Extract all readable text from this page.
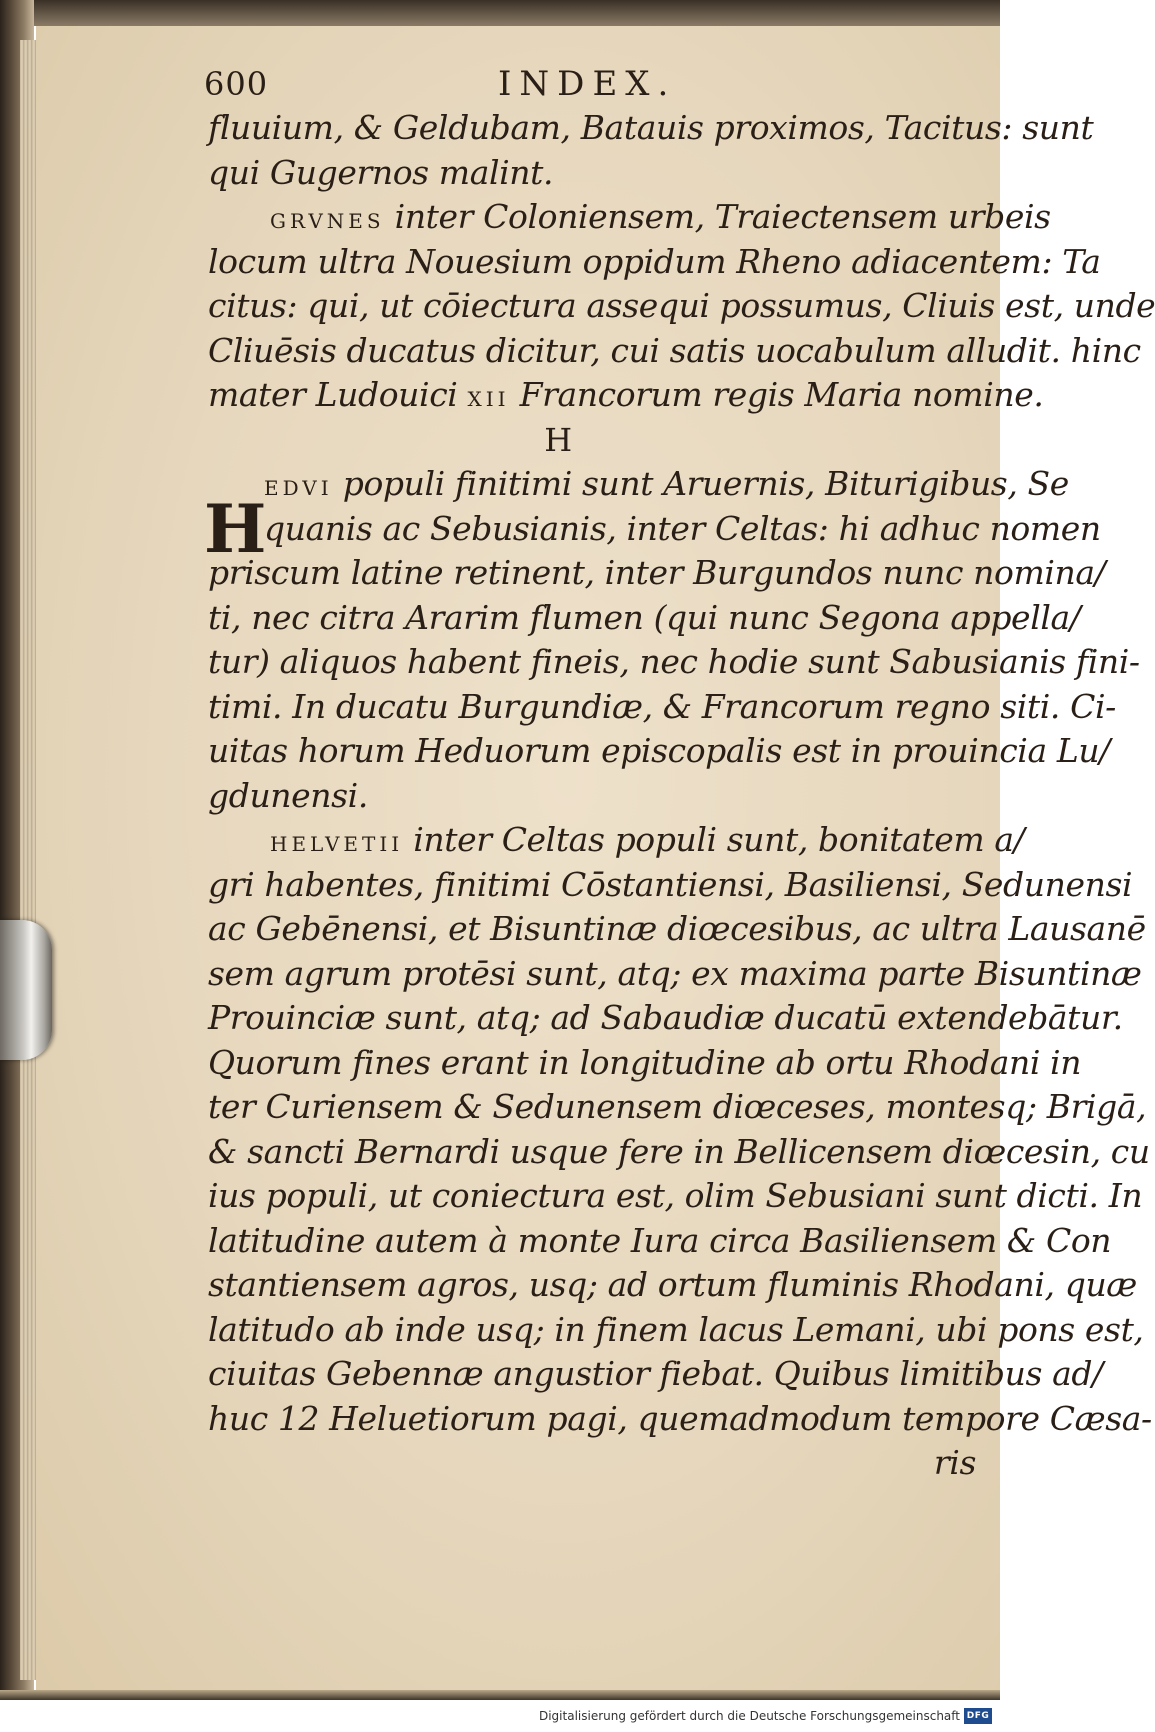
600	INDEX.
fluuium, & Geldubam, Batauis proximos, Tacitus: sunt
qui Gugernos malint.
GRVNES inter Coloniensem, Traiectensem urbeis
locum ultra Nouesium oppidum Rheno adiacentem: Ta
citus: qui, ut cōiectura assequi possumus, Cliuis est, unde
Cliuēsis ducatus dicitur, cui satis uocabulum alludit. hinc
mater Ludouici XII Francorum regis Maria nomine.
H
H
EDVI populi finitimi sunt Aruernis, Biturigibus, Se
quanis ac Sebusianis, inter Celtas: hi adhuc nomen
priscum latine retinent, inter Burgundos nunc nomina/
ti, nec citra Ararim flumen (qui nunc Segona appella/
tur) aliquos habent fineis, nec hodie sunt Sabusianis fini-
timi. In ducatu Burgundiæ, & Francorum regno siti. Ci-
uitas horum Heduorum episcopalis est in prouincia Lu/
gdunensi.
HELVETII inter Celtas populi sunt, bonitatem a/
gri habentes, finitimi Cōstantiensi, Basiliensi, Sedunensi
ac Gebēnensi, et Bisuntinæ diœcesibus, ac ultra Lausanē
sem agrum protēsi sunt, atq; ex maxima parte Bisuntinæ
Prouinciæ sunt, atq; ad Sabaudiæ ducatū extendebātur.
Quorum fines erant in longitudine ab ortu Rhodani in
ter Curiensem & Sedunensem diœceses, montesq; Brigā,
& sancti Bernardi usque fere in Bellicensem diœcesin, cu
ius populi, ut coniectura est, olim Sebusiani sunt dicti. In
latitudine autem à monte Iura circa Basiliensem & Con
stantiensem agros, usq; ad ortum fluminis Rhodani, quæ
latitudo ab inde usq; in finem lacus Lemani, ubi pons est,
ciuitas Gebennæ angustior fiebat. Quibus limitibus ad/
huc 12 Heluetiorum pagi, quemadmodum tempore Cæsa-
ris
Digitalisierung gefördert durch die Deutsche Forschungsgemeinschaft DFG
